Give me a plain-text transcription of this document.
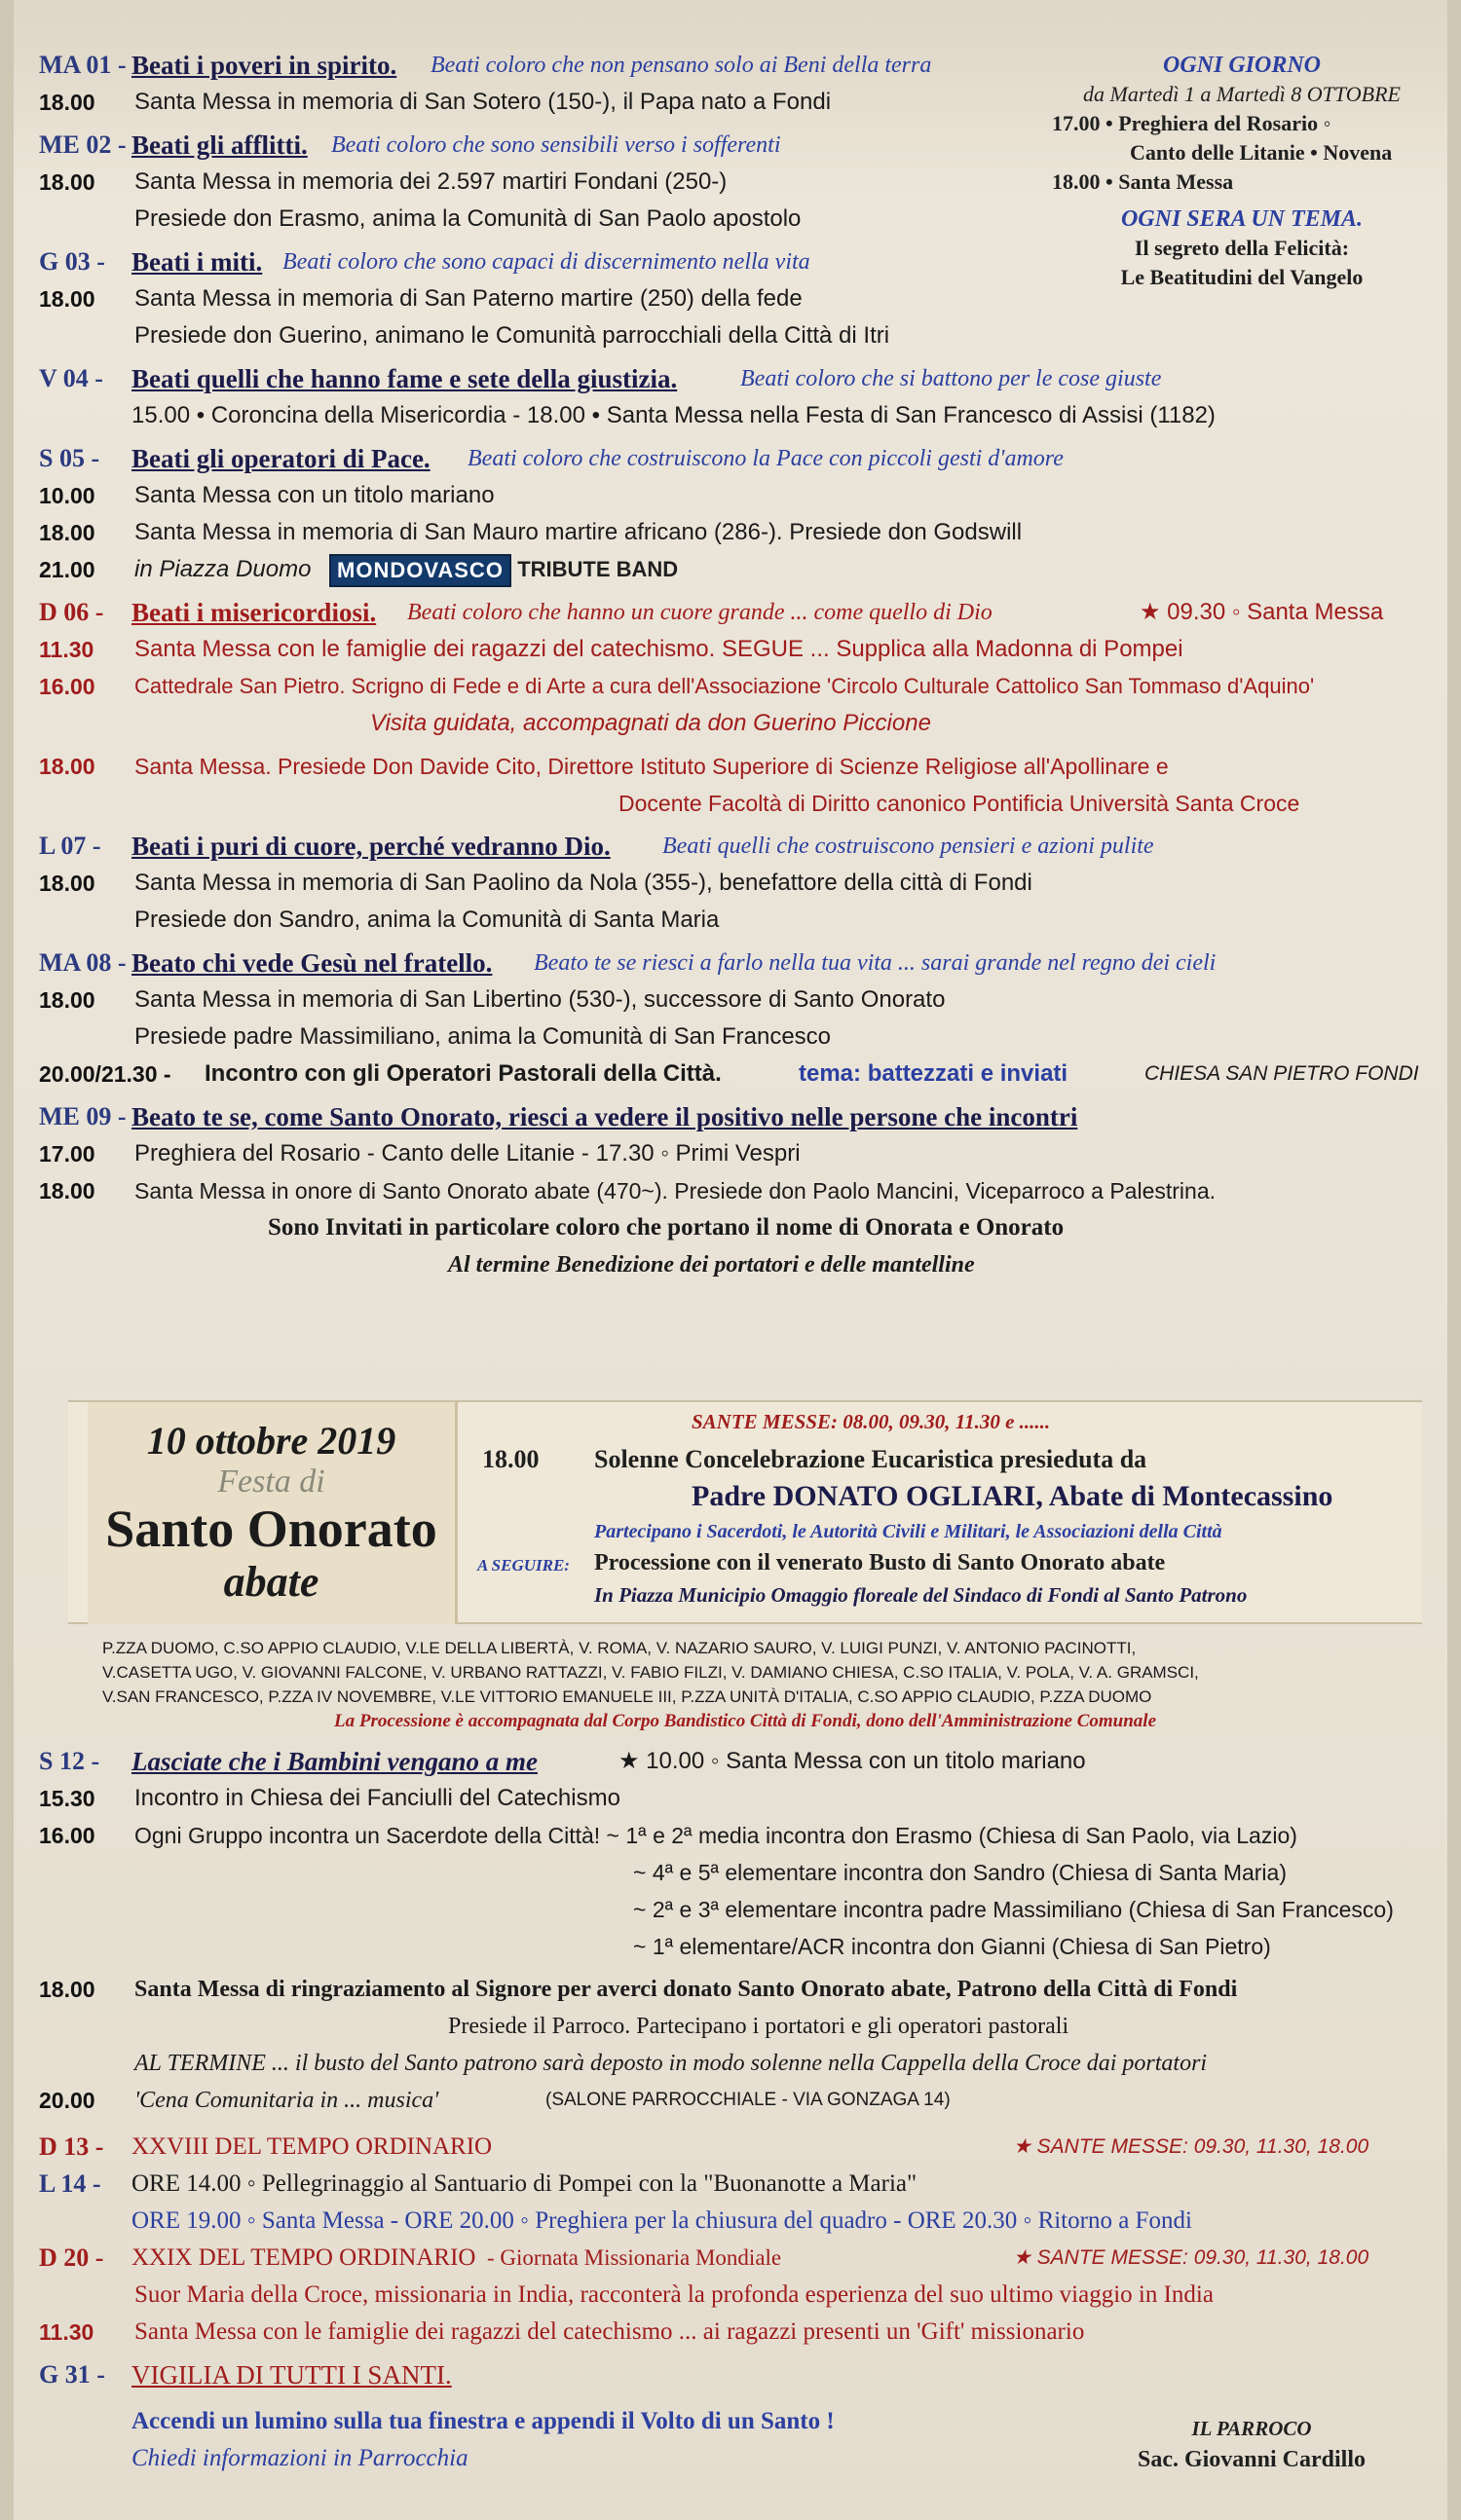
OGNI GIORNO
da Martedì 1 a Martedì 8 OTTOBRE
17.00 • Preghiera del Rosario ◦
Canto delle Litanie • Novena
18.00 • Santa Messa
OGNI SERA UN TEMA.
Il segreto della Felicità:
Le Beatitudini del Vangelo
MA 01 - Beati i poveri in spirito. Beati coloro che non pensano solo ai Beni della terra
18.00 Santa Messa in memoria di San Sotero (150-), il Papa nato a Fondi
ME 02 - Beati gli afflitti. Beati coloro che sono sensibili verso i sofferenti
18.00 Santa Messa in memoria dei 2.597 martiri Fondani (250-)
Presiede don Erasmo, anima la Comunità di San Paolo apostolo
G 03 - Beati i miti. Beati coloro che sono capaci di discernimento nella vita
18.00 Santa Messa in memoria di San Paterno martire (250) della fede
Presiede don Guerino, animano le Comunità parrocchiali della Città di Itri
V 04 - Beati quelli che hanno fame e sete della giustizia.	Beati coloro che si battono per le cose giuste
15.00 • Coroncina della Misericordia - 18.00 • Santa Messa nella Festa di San Francesco di Assisi (1182)
S 05 - Beati gli operatori di Pace. Beati coloro che costruiscono la Pace con piccoli gesti d'amore
10.00 Santa Messa con un titolo mariano
18.00 Santa Messa in memoria di San Mauro martire africano (286-). Presiede don Godswill
21.00 in Piazza Duomo	MONDOVASCO TRIBUTE BAND
D 06 - Beati i misericordiosi. Beati coloro che hanno un cuore grande ... come quello di Dio	★ 09.30 ◦ Santa Messa
11.30 Santa Messa con le famiglie dei ragazzi del catechismo. SEGUE ... Supplica alla Madonna di Pompei
16.00 Cattedrale San Pietro. Scrigno di Fede e di Arte a cura dell'Associazione 'Circolo Culturale Cattolico San Tommaso d'Aquino'
Visita guidata, accompagnati da don Guerino Piccione
18.00 Santa Messa. Presiede Don Davide Cito, Direttore Istituto Superiore di Scienze Religiose all'Apollinare e
Docente Facoltà di Diritto canonico Pontificia Università Santa Croce
L 07 - Beati i puri di cuore, perché vedranno Dio. Beati quelli che costruiscono pensieri e azioni pulite
18.00 Santa Messa in memoria di San Paolino da Nola (355-), benefattore della città di Fondi
Presiede don Sandro, anima la Comunità di Santa Maria
MA 08 - Beato chi vede Gesù nel fratello. Beato te se riesci a farlo nella tua vita ... sarai grande nel regno dei cieli
18.00 Santa Messa in memoria di San Libertino (530-), successore di Santo Onorato
Presiede padre Massimiliano, anima la Comunità di San Francesco
20.00/21.30 - Incontro con gli Operatori Pastorali della Città.	tema: battezzati e inviati	CHIESA SAN PIETRO FONDI
ME 09 - Beato te se, come Santo Onorato, riesci a vedere il positivo nelle persone che incontri
17.00 Preghiera del Rosario - Canto delle Litanie - 17.30 ◦ Primi Vespri
18.00 Santa Messa in onore di Santo Onorato abate (470~). Presiede don Paolo Mancini, Viceparroco a Palestrina.
Sono Invitati in particolare coloro che portano il nome di Onorata e Onorato
Al termine Benedizione dei portatori e delle mantelline
10 ottobre 2019
Festa di
Santo Onorato
abate
SANTE MESSE: 08.00, 09.30, 11.30 e ......
18.00 Solenne Concelebrazione Eucaristica presieduta da
Padre DONATO OGLIARI, Abate di Montecassino
Partecipano i Sacerdoti, le Autorità Civili e Militari, le Associazioni della Città
A SEGUIRE: Processione con il venerato Busto di Santo Onorato abate
In Piazza Municipio Omaggio floreale del Sindaco di Fondi al Santo Patrono
P.ZZA DUOMO, C.SO APPIO CLAUDIO, V.LE DELLA LIBERTÀ, V. ROMA, V. NAZARIO SAURO, V. LUIGI PUNZI, V. ANTONIO PACINOTTI,
V.CASETTA UGO, V. GIOVANNI FALCONE, V. URBANO RATTAZZI, V. FABIO FILZI, V. DAMIANO CHIESA, C.SO ITALIA, V. POLA, V. A. GRAMSCI,
V.SAN FRANCESCO, P.ZZA IV NOVEMBRE, V.LE VITTORIO EMANUELE III, P.ZZA UNITÀ D'ITALIA, C.SO APPIO CLAUDIO, P.ZZA DUOMO
La Processione è accompagnata dal Corpo Bandistico Città di Fondi, dono dell'Amministrazione Comunale
S 12 - Lasciate che i Bambini vengano a me	★ 10.00 ◦ Santa Messa con un titolo mariano
15.30 Incontro in Chiesa dei Fanciulli del Catechismo
16.00 Ogni Gruppo incontra un Sacerdote della Città! ~ 1ª e 2ª media incontra don Erasmo (Chiesa di San Paolo, via Lazio)
~ 4ª e 5ª elementare incontra don Sandro (Chiesa di Santa Maria)
~ 2ª e 3ª elementare incontra padre Massimiliano (Chiesa di San Francesco)
~ 1ª elementare/ACR incontra don Gianni (Chiesa di San Pietro)
18.00 Santa Messa di ringraziamento al Signore per averci donato Santo Onorato abate, Patrono della Città di Fondi
Presiede il Parroco. Partecipano i portatori e gli operatori pastorali
AL TERMINE ... il busto del Santo patrono sarà deposto in modo solenne nella Cappella della Croce dai portatori
20.00 'Cena Comunitaria in ... musica'	(SALONE PARROCCHIALE - VIA GONZAGA 14)
D 13 - XXVIII DEL TEMPO ORDINARIO	★ SANTE MESSE: 09.30, 11.30, 18.00
L 14 - ORE 14.00 ◦ Pellegrinaggio al Santuario di Pompei con la "Buonanotte a Maria"
ORE 19.00 ◦ Santa Messa - ORE 20.00 ◦ Preghiera per la chiusura del quadro - ORE 20.30 ◦ Ritorno a Fondi
D 20 - XXIX DEL TEMPO ORDINARIO - Giornata Missionaria Mondiale	★ SANTE MESSE: 09.30, 11.30, 18.00
Suor Maria della Croce, missionaria in India, racconterà la profonda esperienza del suo ultimo viaggio in India
11.30 Santa Messa con le famiglie dei ragazzi del catechismo ... ai ragazzi presenti un 'Gift' missionario
G 31 - VIGILIA DI TUTTI I SANTI.
Accendi un lumino sulla tua finestra e appendi il Volto di un Santo !
Chiedi informazioni in Parrocchia
IL PARROCO
Sac. Giovanni Cardillo
